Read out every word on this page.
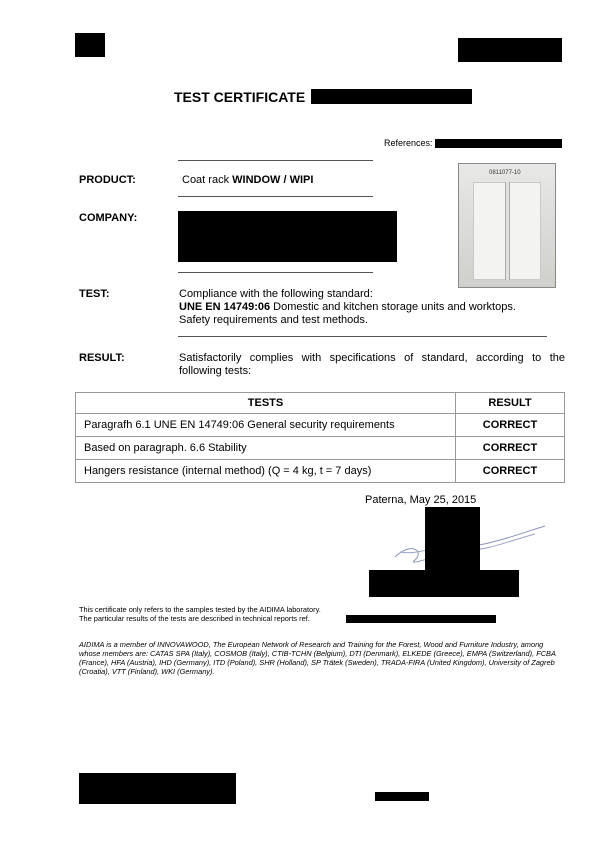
TEST CERTIFICATE
References:
PRODUCT:	Coat rack WINDOW / WIPI
COMPANY:
0811077-10
TEST:	Compliance with the following standard:
UNE EN 14749:06 Domestic and kitchen storage units and worktops.
Safety requirements and test methods.
RESULT:	Satisfactorily complies with specifications of standard, according to the following tests:
TESTS	RESULT
Paragrafh 6.1 UNE EN 14749:06 General security requirements	CORRECT
Based on paragraph. 6.6 Stability	CORRECT
Hangers resistance (internal method) (Q = 4 kg, t = 7 days)	CORRECT
Paterna, May 25, 2015
This certificate only refers to the samples tested by the AIDIMA laboratory.
The particular results of the tests are described in technical reports ref.
AIDIMA is a member of INNOVAWOOD, The European Network of Research and Training for the Forest, Wood and Furniture Industry, among whose members are: CATAS SPA (Italy), COSMOB (Italy), CTIB-TCHN (Belgium), DTI (Denmark), ELKEDE (Greece), EMPA (Switzerland), FCBA (France), HFA (Austria), IHD (Germany), ITD (Poland), SHR (Holland), SP Trätek (Sweden), TRADA-FIRA (United Kingdom), University of Zagreb (Croatia), VTT (Finland), WKI (Germany).
